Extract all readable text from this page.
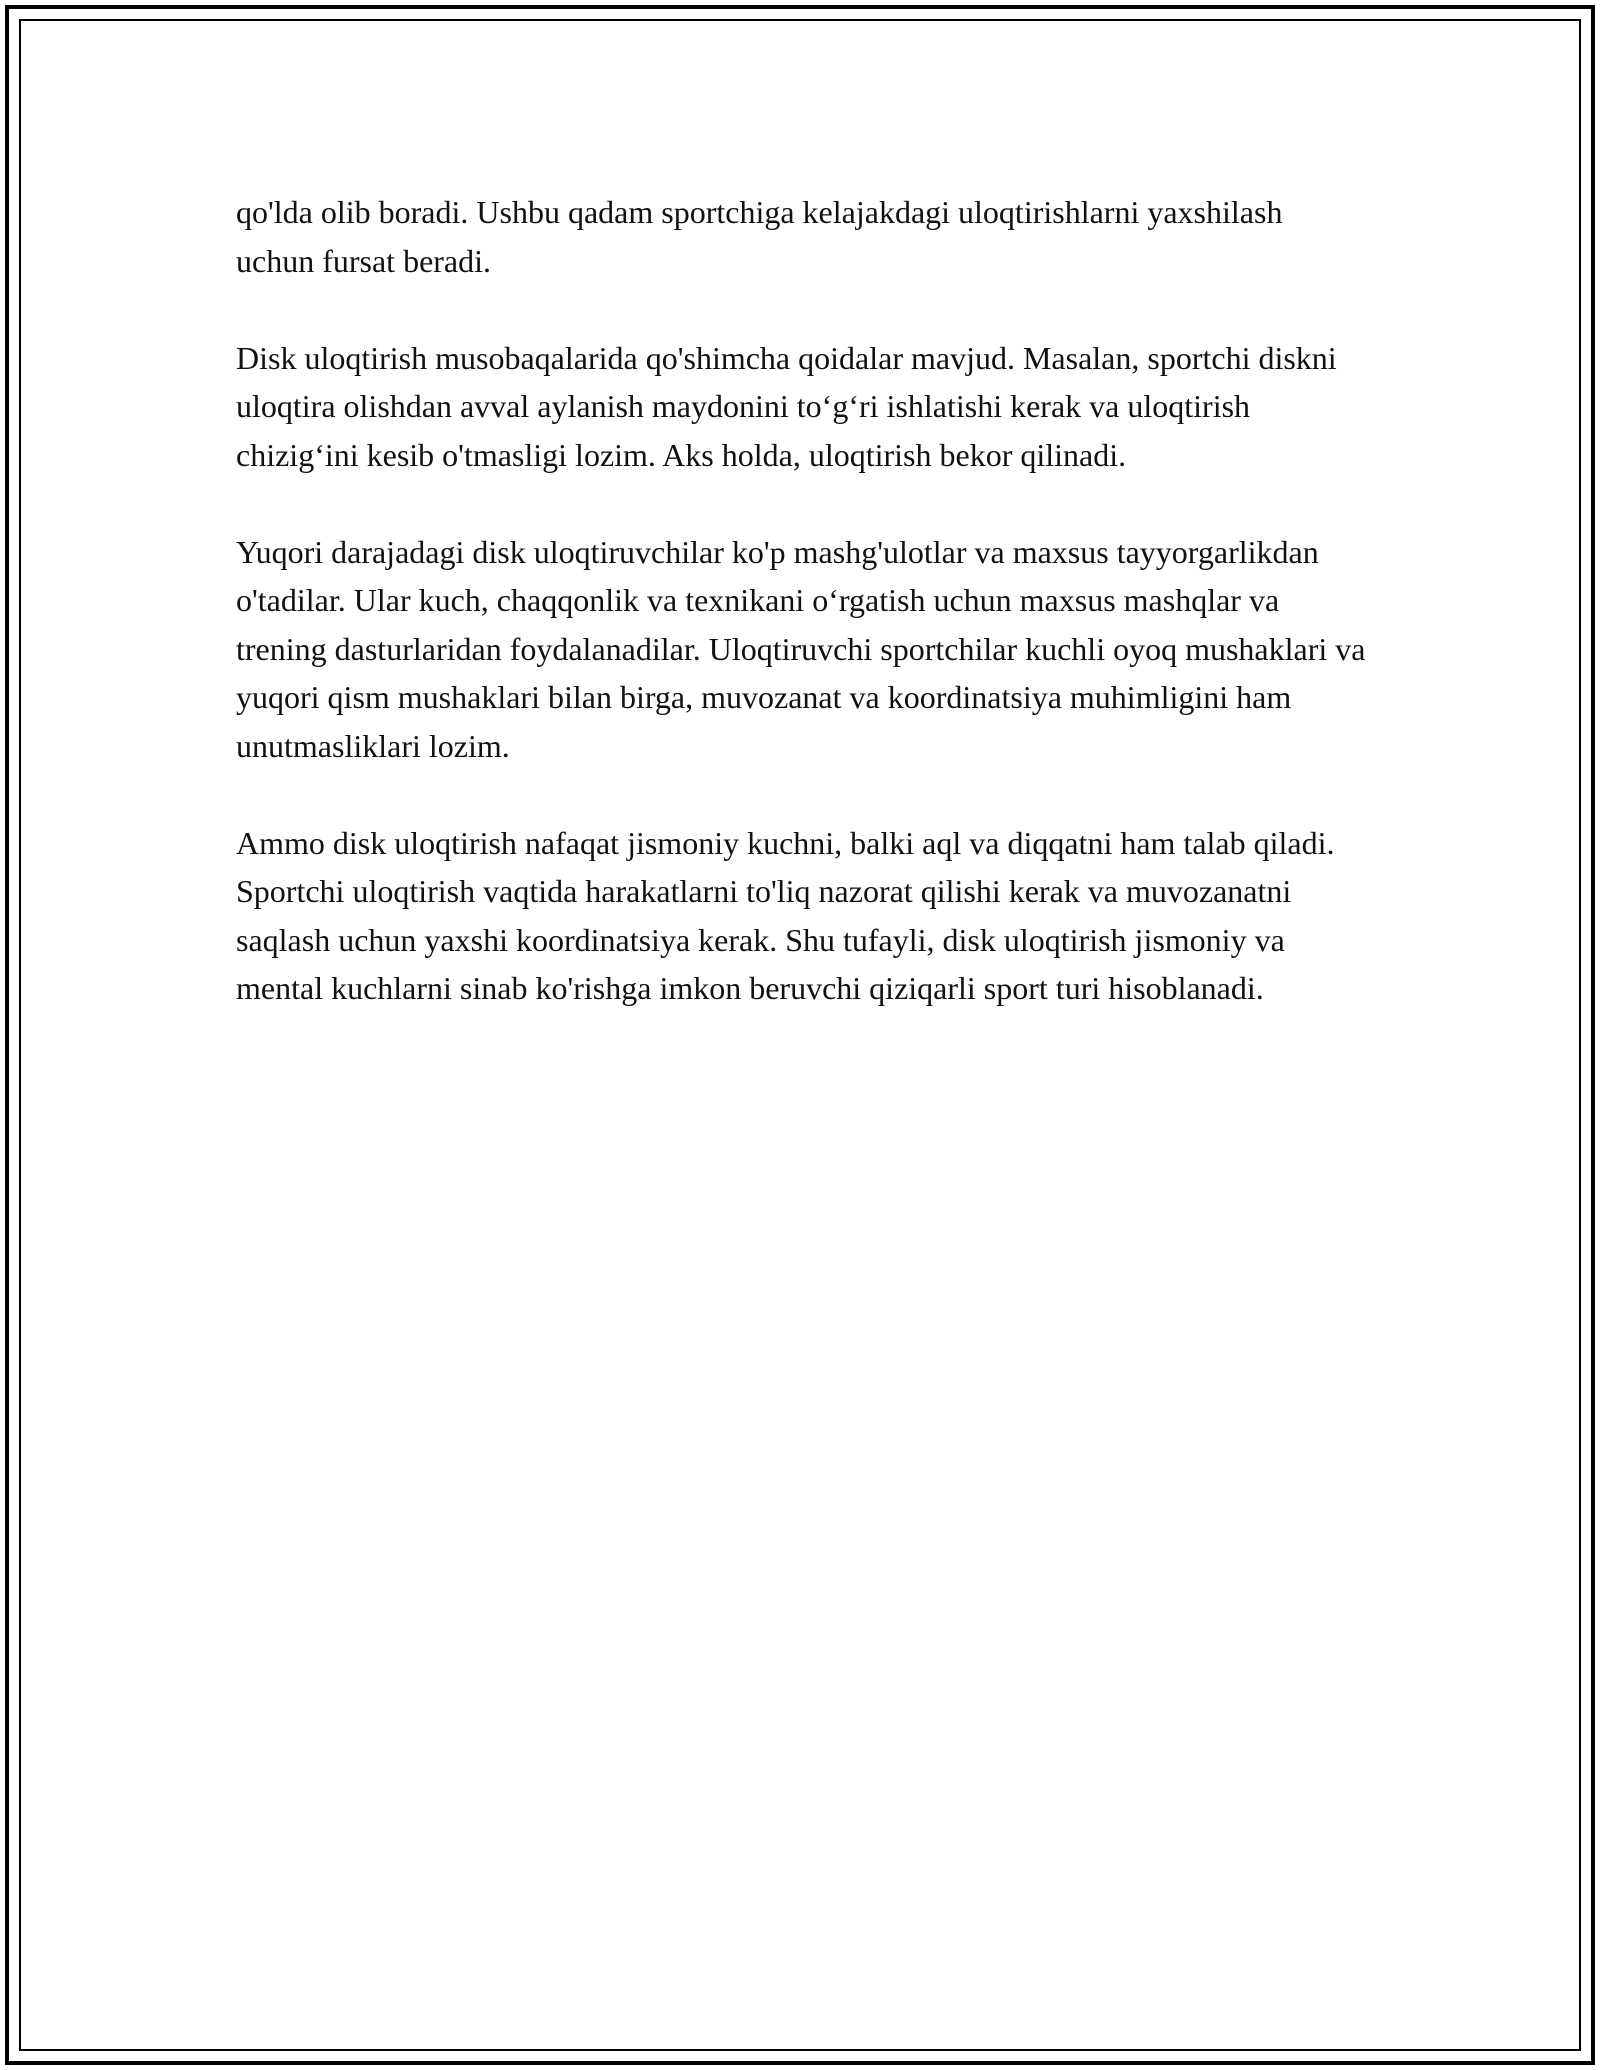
qo'lda olib boradi. Ushbu qadam sportchiga kelajakdagi uloqtirishlarni yaxshilash uchun fursat beradi.

Disk uloqtirish musobaqalarida qo'shimcha qoidalar mavjud. Masalan, sportchi diskni uloqtira olishdan avval aylanish maydonini to‘g‘ri ishlatishi kerak va uloqtirish chizig‘ini kesib o'tmasligi lozim. Aks holda, uloqtirish bekor qilinadi.

Yuqori darajadagi disk uloqtiruvchilar ko'p mashg'ulotlar va maxsus tayyorgarlikdan o'tadilar. Ular kuch, chaqqonlik va texnikani o‘rgatish uchun maxsus mashqlar va trening dasturlaridan foydalanadilar. Uloqtiruvchi sportchilar kuchli oyoq mushaklari va yuqori qism mushaklari bilan birga, muvozanat va koordinatsiya muhimligini ham unutmasliklari lozim.

Ammo disk uloqtirish nafaqat jismoniy kuchni, balki aql va diqqatni ham talab qiladi. Sportchi uloqtirish vaqtida harakatlarni to'liq nazorat qilishi kerak va muvozanatni saqlash uchun yaxshi koordinatsiya kerak. Shu tufayli, disk uloqtirish jismoniy va mental kuchlarni sinab ko'rishga imkon beruvchi qiziqarli sport turi hisoblanadi.
